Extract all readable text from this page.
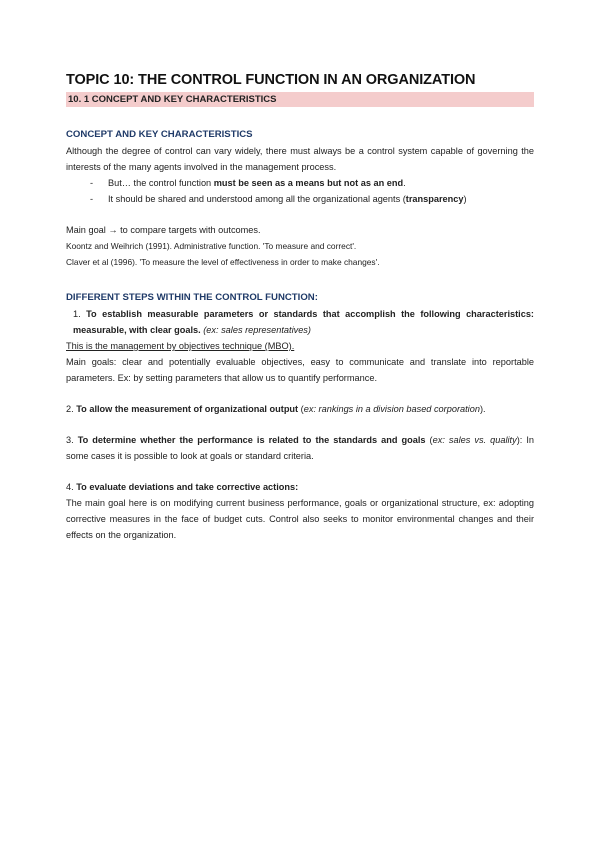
TOPIC 10: THE CONTROL FUNCTION IN AN ORGANIZATION
10. 1 CONCEPT AND KEY CHARACTERISTICS
CONCEPT AND KEY CHARACTERISTICS

Although the degree of control can vary widely, there must always be a control system capable of governing the interests of the many agents involved in the management process.

- But… the control function must be seen as a means but not as an end.
- It should be shared and understood among all the organizational agents (transparency)

Main goal → to compare targets with outcomes.

Koontz and Weihrich (1991). Administrative function. 'To measure and correct'.

Claver et al (1996). 'To measure the level of effectiveness in order to make changes'.

DIFFERENT STEPS WITHIN THE CONTROL FUNCTION:

1. To establish measurable parameters or standards that accomplish the following characteristics: measurable, with clear goals. (ex: sales representatives)

This is the management by objectives technique (MBO).

Main goals: clear and potentially evaluable objectives, easy to communicate and translate into reportable parameters. Ex: by setting parameters that allow us to quantify performance.

2. To allow the measurement of organizational output (ex: rankings in a division based corporation).

3. To determine whether the performance is related to the standards and goals (ex: sales vs. quality): In some cases it is possible to look at goals or standard criteria.

4. To evaluate deviations and take corrective actions:

The main goal here is on modifying current business performance, goals or organizational structure, ex: adopting corrective measures in the face of budget cuts. Control also seeks to monitor environmental changes and their effects on the organization.
